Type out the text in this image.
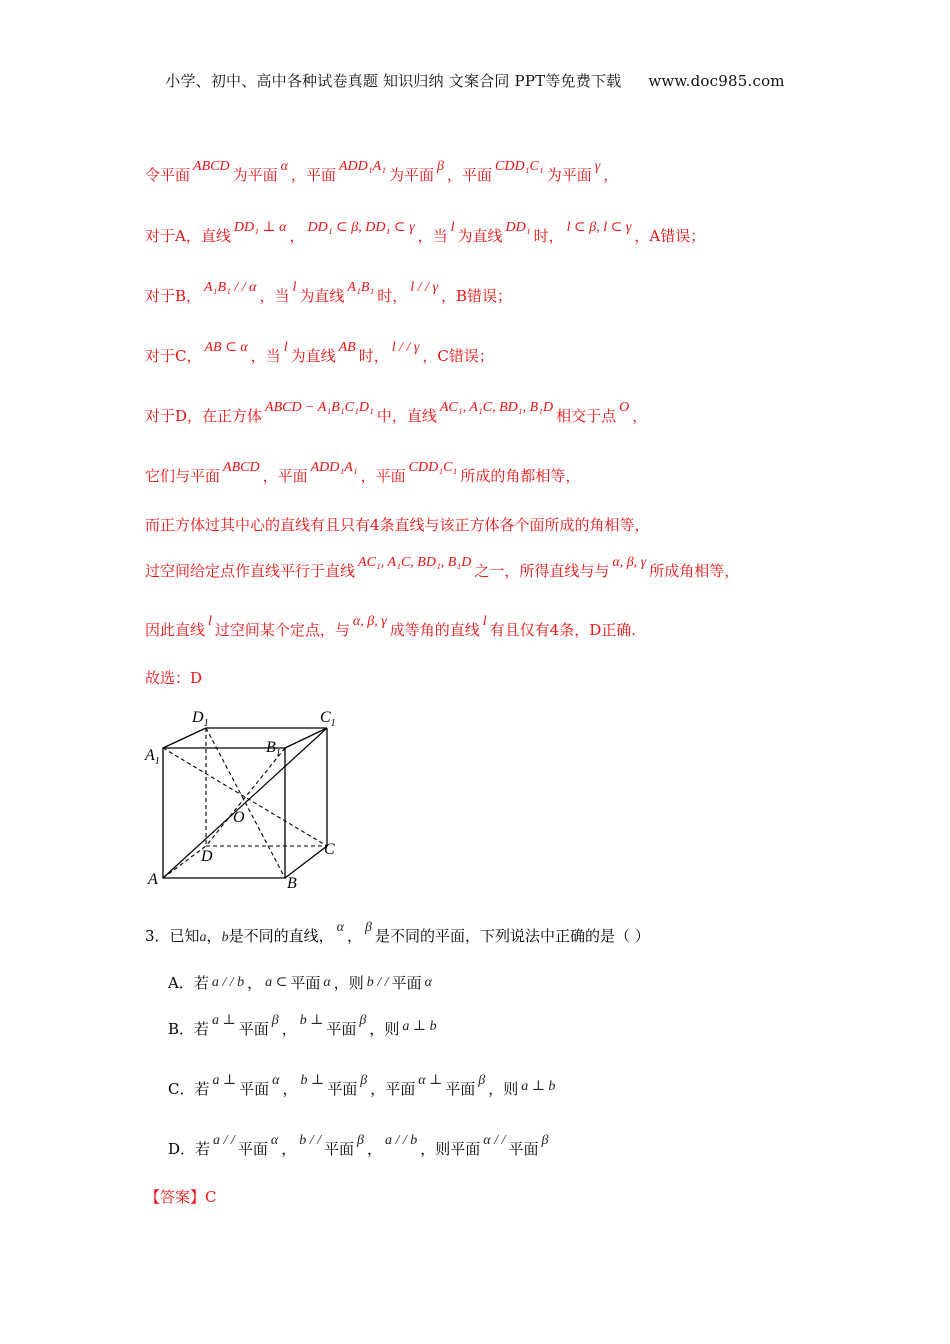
小学、初中、高中各种试卷真题 知识归纳 文案合同 PPT等免费下载 www.doc985.com
令平面 ABCD 为平面 α ，平面 ADD₁A₁ 为平面 β ，平面 CDD₁C₁ 为平面 γ ，
对于A，直线 DD₁ ⊥ α ， DD₁ ⊂ β, DD₁ ⊂ γ ，当 l 为直线 DD₁ 时， l ⊂ β, l ⊂ γ ，A错误；
对于B， A₁B₁ / / α ，当 l 为直线 A₁B₁ 时， l / / γ ，B错误；
对于C， AB ⊂ α ，当 l 为直线 AB 时， l / / γ ，C错误；
对于D，在正方体 ABCD − A₁B₁C₁D₁ 中，直线 AC₁, A₁C, BD₁, B₁D 相交于点 O ，
它们与平面 ABCD ，平面 ADD₁A₁ ，平面 CDD₁C₁ 所成的角都相等，
而正方体过其中心的直线有且只有4条直线与该正方体各个面所成的角相等，
过空间给定点作直线平行于直线 AC₁, A₁C, BD₁, B₁D 之一，所得直线与与 α, β, γ 所成角相等，
因此直线 l 过空间某个定点，与 α, β, γ 成等角的直线 l 有且仅有4条，D正确.
故选：D
$D_1$	$C_1$
$A_1$
$B_1$
O
D	C
A	B
3．已知a，b是不同的直线， α ， β 是不同的平面，下列说法中正确的是（ ）
A．若 a / / b ， a ⊂ 平面 α ，则 b / / 平面 α
B．若 a ⊥ 平面 β ， b ⊥ 平面 β ，则 a ⊥ b
C．若 a ⊥ 平面 α ， b ⊥ 平面 β ，平面 α ⊥ 平面 β ，则 a ⊥ b
D．若 a / / 平面 α ， b / / 平面 β ， a / / b ，则平面 α / / 平面 β
【答案】C
